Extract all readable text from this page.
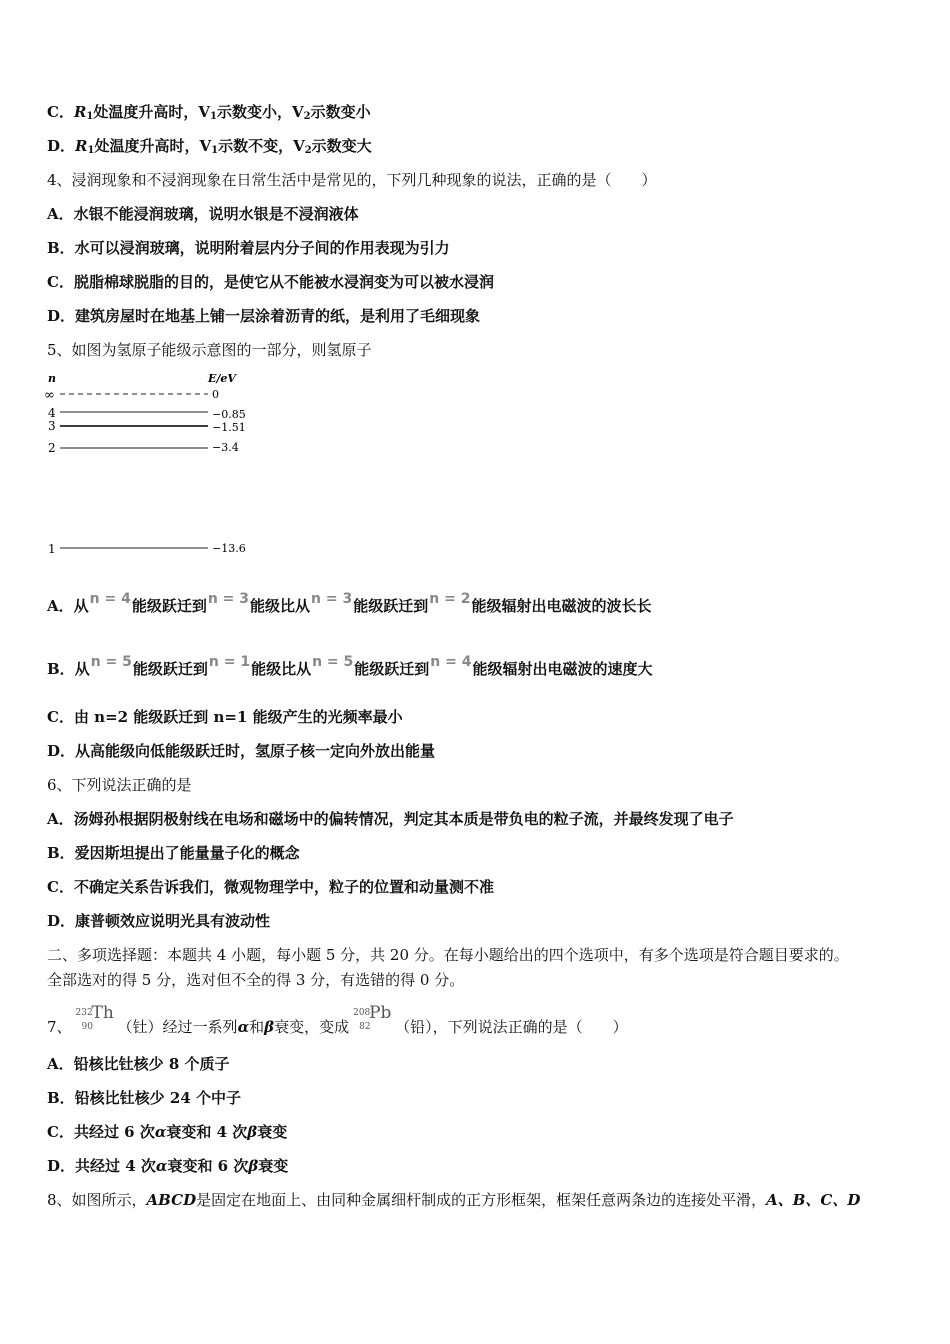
C．$R_1$处温度升高时，$V_1$示数变小，$V_2$示数变小
D．$R_1$处温度升高时，$V_1$示数不变，$V_2$示数变大
4、浸润现象和不浸润现象在日常生活中是常见的，下列几种现象的说法，正确的是（　　）
A．水银不能浸润玻璃，说明水银是不浸润液体
B．水可以浸润玻璃，说明附着层内分子间的作用表现为引力
C．脱脂棉球脱脂的目的，是使它从不能被水浸润变为可以被水浸润
D．建筑房屋时在地基上铺一层涂着沥青的纸，是利用了毛细现象
5、如图为氢原子能级示意图的一部分，则氢原子
n	E/eV
∞	0
4	−0.85
3	−1.51
2	−3.4
1	−13.6
A．从n = 4能级跃迁到n = 3能级比从n = 3能级跃迁到n = 2能级辐射出电磁波的波长长
B．从n = 5能级跃迁到n = 1能级比从n = 5能级跃迁到n = 4能级辐射出电磁波的速度大
C．由 n=2 能级跃迁到 n=1 能级产生的光频率最小
D．从高能级向低能级跃迁时，氢原子核一定向外放出能量
6、下列说法正确的是
A．汤姆孙根据阴极射线在电场和磁场中的偏转情况，判定其本质是带负电的粒子流，并最终发现了电子
B．爱因斯坦提出了能量量子化的概念
C．不确定关系告诉我们，微观物理学中，粒子的位置和动量测不准
D．康普顿效应说明光具有波动性
二、多项选择题：本题共 4 小题，每小题 5 分，共 20 分。在每小题给出的四个选项中，有多个选项是符合题目要求的。
全部选对的得 5 分，选对但不全的得 3 分，有选错的得 0 分。
7、
232
90
Th
（钍）经过一系列α和β衰变，变成
208
82
Pb
（铅），下列说法正确的是（　　）
A．铅核比钍核少 8 个质子
B．铅核比钍核少 24 个中子
C．共经过 6 次α衰变和 4 次β衰变
D．共经过 4 次α衰变和 6 次β衰变
8、如图所示，ABCD是固定在地面上、由同种金属细杆制成的正方形框架，框架任意两条边的连接处平滑，A、B、C、D
